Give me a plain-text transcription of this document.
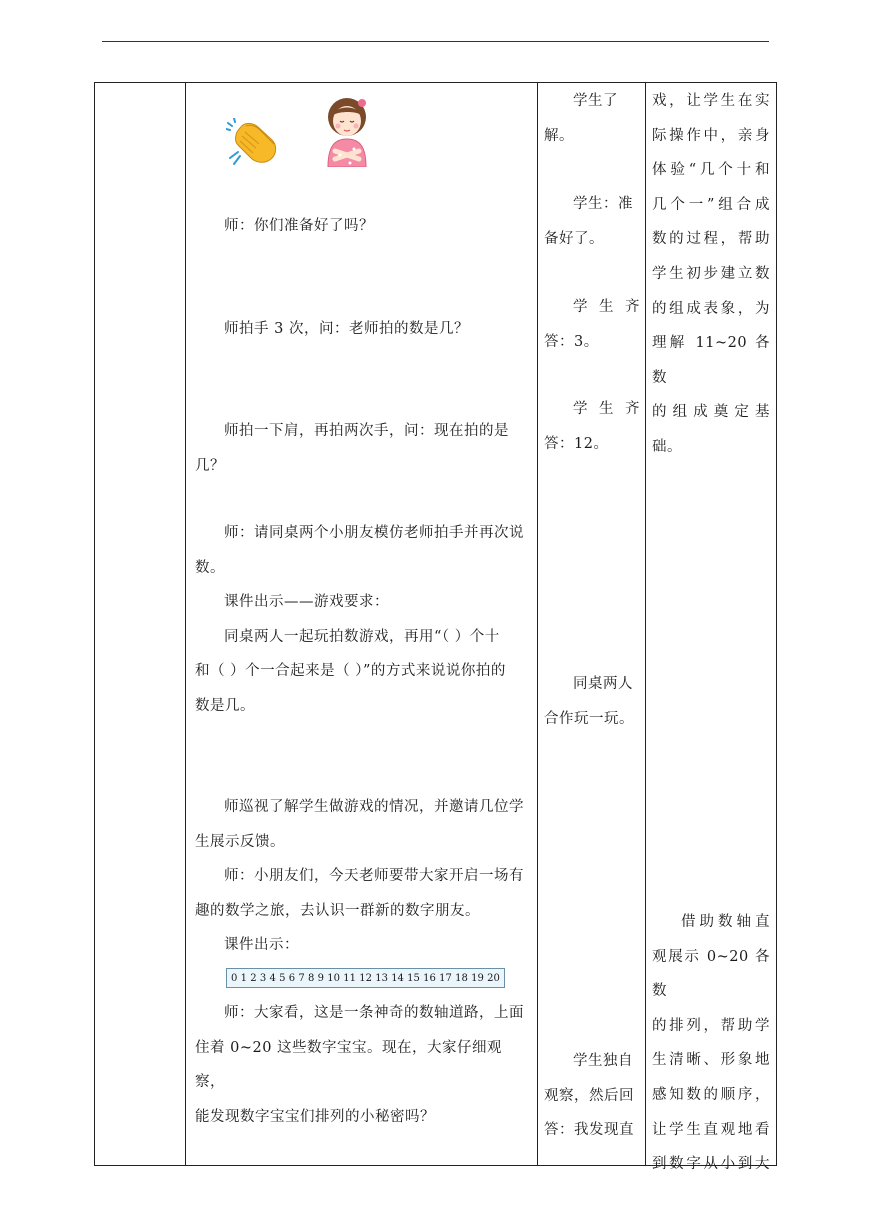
师：你们准备好了吗？

师拍手 3 次，问：老师拍的数是几？

师拍一下肩，再拍两次手，问：现在拍的是几？

师：请同桌两个小朋友模仿老师拍手并再次说

数。

课件出示——游戏要求：

同桌两人一起玩拍数游戏，再用“（ ）个十

和（ ）个一合起来是（ ）”的方式来说说你拍的

数是几。

师巡视了解学生做游戏的情况，并邀请几位学

生展示反馈。

师：小朋友们，今天老师要带大家开启一场有

趣的数学之旅，去认识一群新的数字朋友。

课件出示：

0 1 2 3 4 5 6 7 8 9 10 11 12 13 14 15 16 17 18 19 20

师：大家看，这是一条神奇的数轴道路，上面

住着 0~20 这些数字宝宝。现在，大家仔细观察，

能发现数字宝宝们排列的小秘密吗？

学生了

解。

学生：准

备好了。

学 生 齐

答：3。

学 生 齐

答：12。

同桌两人

合作玩一玩。

学生独自

观察，然后回

答：我发现直

戏，让学生在实

际操作中，亲身

体验“几个十和

几个一”组合成

数的过程，帮助

学生初步建立数

的组成表象，为

理解 11~20 各数

的组成奠定基

础。

借助数轴直

观展示 0~20 各数

的排列，帮助学

生清晰、形象地

感知数的顺序，

让学生直观地看

到数字从小到大
